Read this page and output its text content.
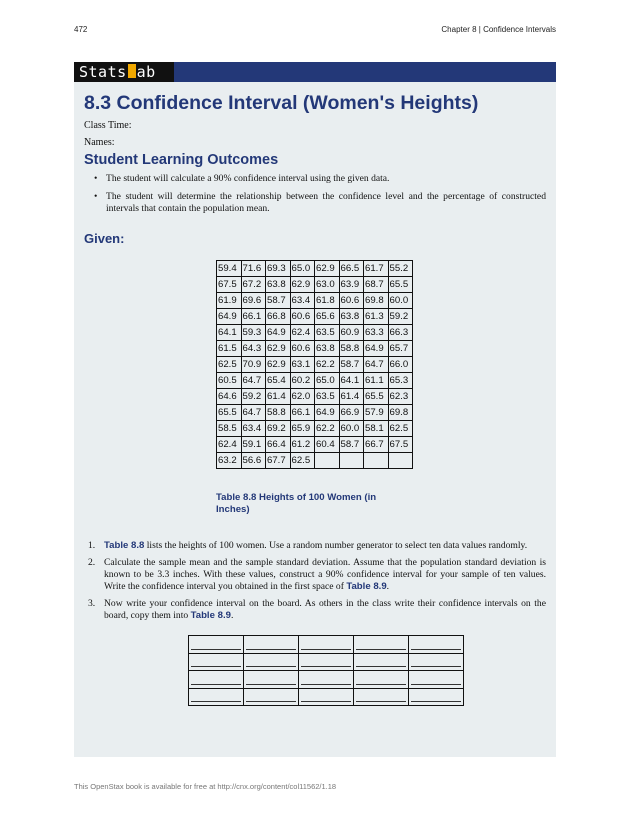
472	Chapter 8 | Confidence Intervals
Stats ab
8.3 Confidence Interval (Women's Heights)
Class Time:
Names:
Student Learning Outcomes
• The student will calculate a 90% confidence interval using the given data.
• The student will determine the relationship between the confidence level and the percentage of constructed intervals that contain the population mean.
Given:
59.4	71.6	69.3	65.0	62.9	66.5	61.7	55.2
67.5	67.2	63.8	62.9	63.0	63.9	68.7	65.5
61.9	69.6	58.7	63.4	61.8	60.6	69.8	60.0
64.9	66.1	66.8	60.6	65.6	63.8	61.3	59.2
64.1	59.3	64.9	62.4	63.5	60.9	63.3	66.3
61.5	64.3	62.9	60.6	63.8	58.8	64.9	65.7
62.5	70.9	62.9	63.1	62.2	58.7	64.7	66.0
60.5	64.7	65.4	60.2	65.0	64.1	61.1	65.3
64.6	59.2	61.4	62.0	63.5	61.4	65.5	62.3
65.5	64.7	58.8	66.1	64.9	66.9	57.9	69.8
58.5	63.4	69.2	65.9	62.2	60.0	58.1	62.5
62.4	59.1	66.4	61.2	60.4	58.7	66.7	67.5
63.2	56.6	67.7	62.5				
Table 8.8 Heights of 100 Women (in Inches)
1. Table 8.8 lists the heights of 100 women. Use a random number generator to select ten data values randomly.
2. Calculate the sample mean and the sample standard deviation. Assume that the population standard deviation is known to be 3.3 inches. With these values, construct a 90% confidence interval for your sample of ten values. Write the confidence interval you obtained in the first space of Table 8.9.
3. Now write your confidence interval on the board. As others in the class write their confidence intervals on the board, copy them into Table 8.9.

This OpenStax book is available for free at http://cnx.org/content/col11562/1.18
